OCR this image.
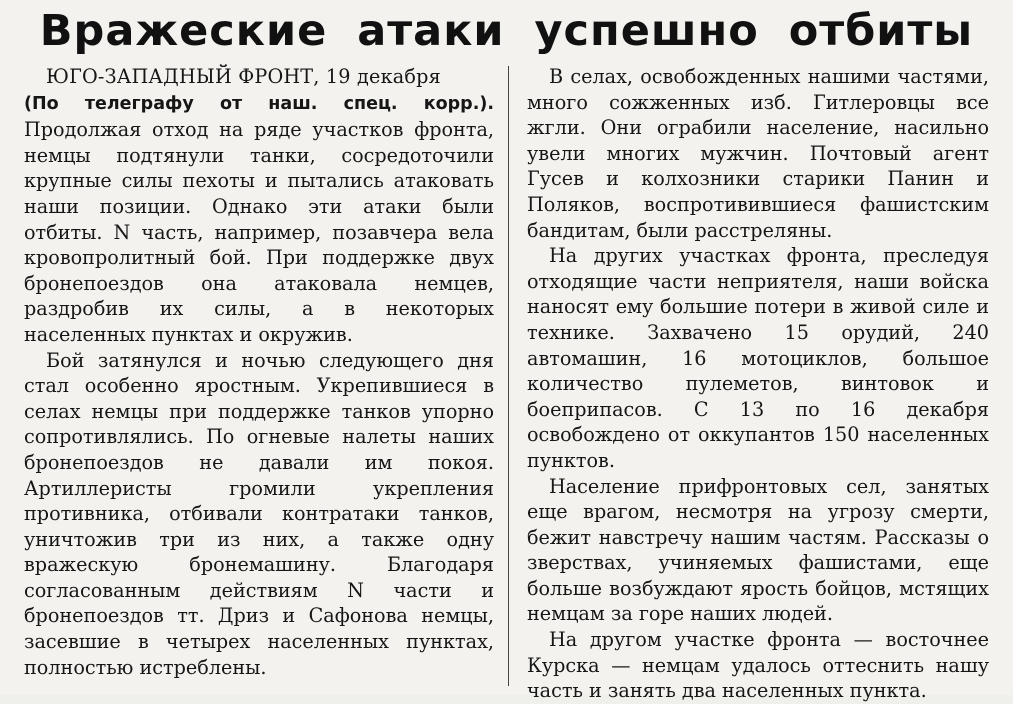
Вражеские атаки успешно отбиты

ЮГО-ЗАПАДНЫЙ ФРОНТ, 19 декабря
(По телеграфу от наш. спец. корр.). Продолжая отход на ряде участков фронта, немцы подтянули танки, сосредоточили крупные силы пехоты и пытались атаковать наши позиции. Однако эти атаки были отбиты. N часть, например, позавчера вела кровопролитный бой. При поддержке двух бронепоездов она атаковала немцев, раздробив их силы, а в некоторых населенных пунктах и окружив.

Бой затянулся и ночью следующего дня стал особенно яростным. Укрепившиеся в селах немцы при поддержке танков упорно сопротивлялись. По огневые налеты наших бронепоездов не давали им покоя. Артиллеристы громили укрепления противника, отбивали контратаки танков, уничтожив три из них, а также одну вражескую бронемашину. Благодаря согласованным действиям N части и бронепоездов тт. Дриз и Сафонова немцы, засевшие в четырех населенных пунктах, полностью истреблены.

В селах, освобожденных нашими частями, много сожженных изб. Гитлеровцы все жгли. Они ограбили население, насильно увели многих мужчин. Почтовый агент Гусев и колхозники старики Панин и Поляков, воспротивившиеся фашистским бандитам, были расстреляны.

На других участках фронта, преследуя отходящие части неприятеля, наши войска наносят ему большие потери в живой силе и технике. Захвачено 15 орудий, 240 автомашин, 16 мотоциклов, большое количество пулеметов, винтовок и боеприпасов. С 13 по 16 декабря освобождено от оккупантов 150 населенных пунктов.

Население прифронтовых сел, занятых еще врагом, несмотря на угрозу смерти, бежит навстречу нашим частям. Рассказы о зверствах, учиняемых фашистами, еще больше возбуждают ярость бойцов, мстящих немцам за горе наших людей.

На другом участке фронта — восточнее Курска — немцам удалось оттеснить нашу часть и занять два населенных пункта.
